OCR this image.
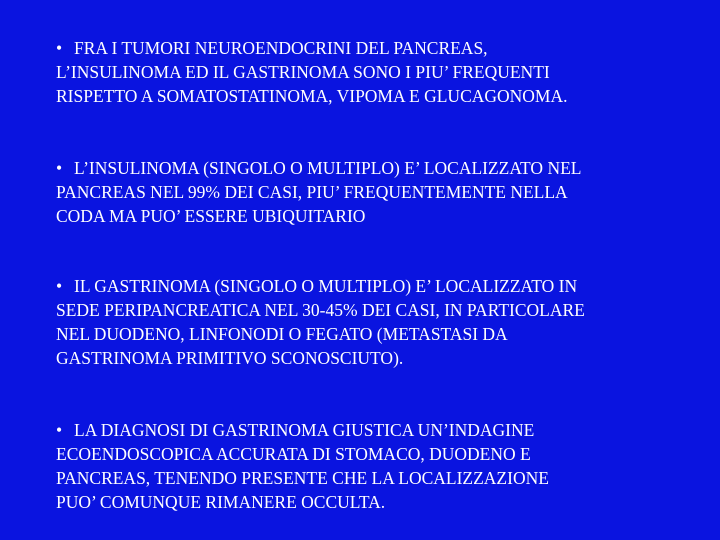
• FRA I TUMORI NEUROENDOCRINI DEL PANCREAS,
L’INSULINOMA ED IL GASTRINOMA SONO I PIU’ FREQUENTI
RISPETTO A SOMATOSTATINOMA, VIPOMA E GLUCAGONOMA.

• L’INSULINOMA (SINGOLO O MULTIPLO) E’ LOCALIZZATO NEL
PANCREAS NEL 99% DEI CASI, PIU’ FREQUENTEMENTE NELLA
CODA MA PUO’ ESSERE UBIQUITARIO

• IL GASTRINOMA (SINGOLO O MULTIPLO) E’ LOCALIZZATO IN
SEDE PERIPANCREATICA NEL 30-45% DEI CASI, IN PARTICOLARE
NEL DUODENO, LINFONODI O FEGATO (METASTASI DA
GASTRINOMA PRIMITIVO SCONOSCIUTO).

• LA DIAGNOSI DI GASTRINOMA GIUSTICA UN’INDAGINE
ECOENDOSCOPICA ACCURATA DI STOMACO, DUODENO E
PANCREAS, TENENDO PRESENTE CHE LA LOCALIZZAZIONE
PUO’ COMUNQUE RIMANERE OCCULTA.
